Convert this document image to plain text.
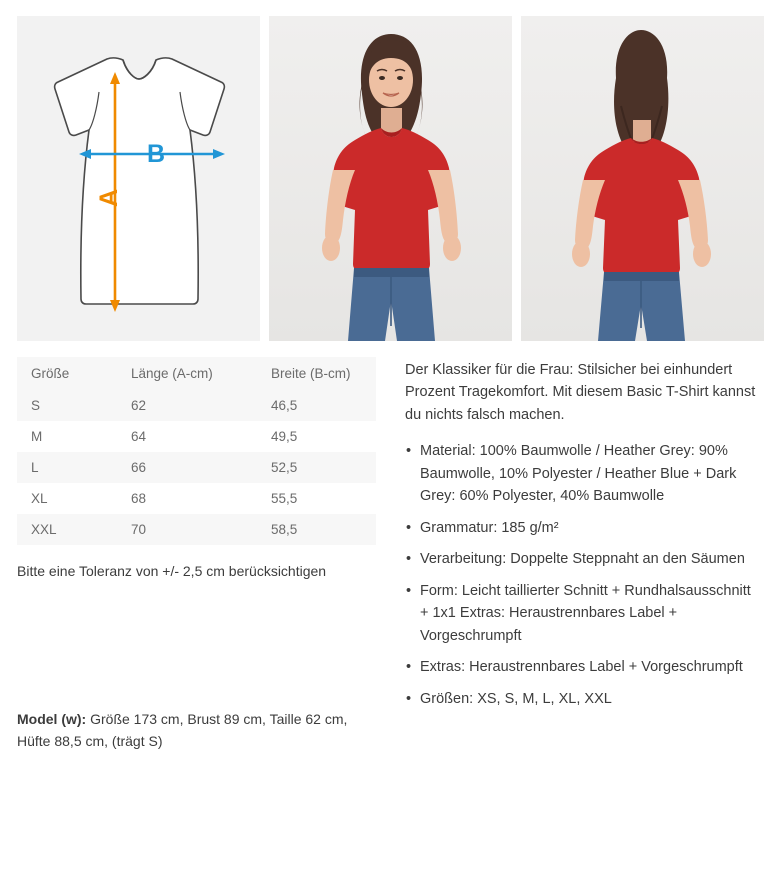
A
B
Größe	Länge (A-cm)	Breite (B-cm)
S	62	46,5
M	64	49,5
L	66	52,5
XL	68	55,5
XXL	70	58,5
Bitte eine Toleranz von +/- 2,5 cm berücksichtigen
Model (w): Größe 173 cm, Brust 89 cm, Taille 62 cm, Hüfte 88,5 cm, (trägt S)

Der Klassiker für die Frau: Stilsicher bei einhundert Prozent Tragekomfort. Mit diesem Basic T-Shirt kannst du nichts falsch machen.

• Material: 100% Baumwolle / Heather Grey: 90% Baumwolle, 10% Polyester / Heather Blue + Dark Grey: 60% Polyester, 40% Baumwolle
• Grammatur: 185 g/m²
• Verarbeitung: Doppelte Steppnaht an den Säumen
• Form: Leicht taillierter Schnitt + Rundhalsausschnitt + 1x1 Extras: Heraustrennbares Label + Vorgeschrumpft
• Extras: Heraustrennbares Label + Vorgeschrumpft
• Größen: XS, S, M, L, XL, XXL
